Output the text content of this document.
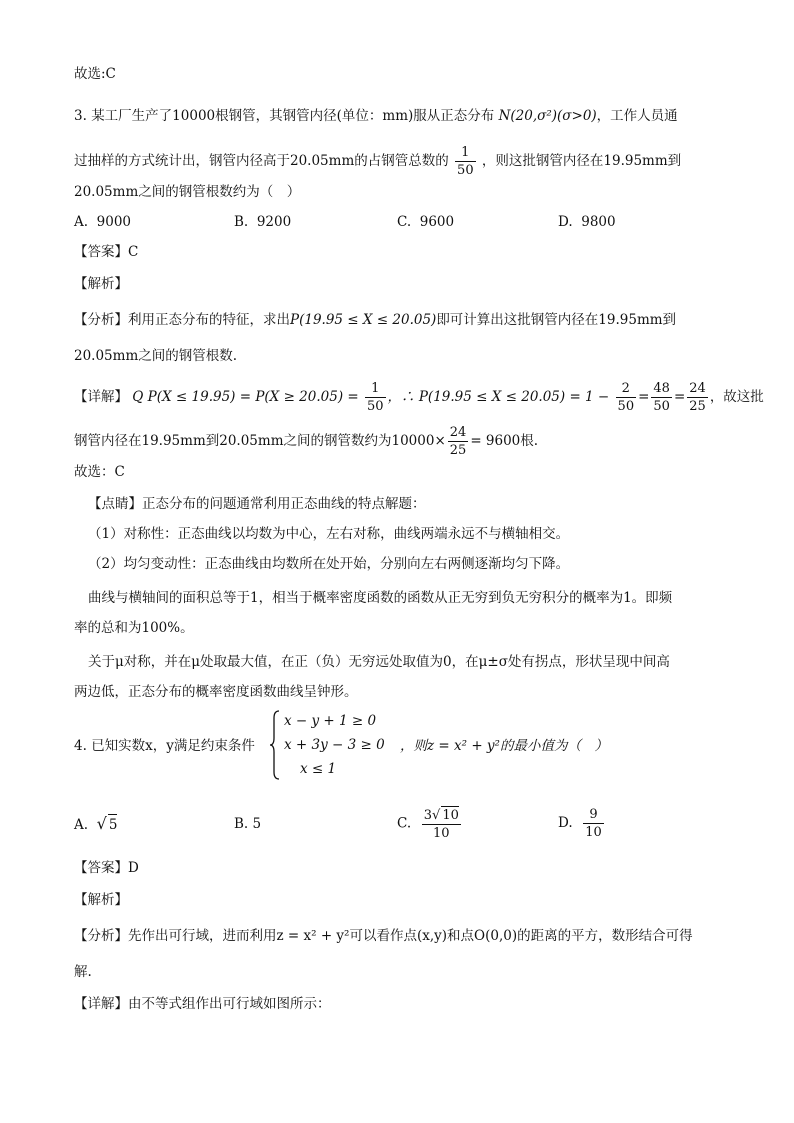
故选:C
3. 某工厂生产了10000根钢管，其钢管内径(单位：mm)服从正态分布 N(20,σ²)(σ>0)，工作人员通
过抽样的方式统计出，钢管内径高于20.05mm的占钢管总数的 $\frac{1}{50}$ ，则这批钢管内径在19.95mm到
20.05mm之间的钢管根数约为（　）
A. 9000	B. 9200	C. 9600	D. 9800
【答案】C
【解析】
【分析】利用正态分布的特征，求出P(19.95 ≤ X ≤ 20.05)即可计算出这批钢管内径在19.95mm到
20.05mm之间的钢管根数.
【详解】 Q $P(X \le 19.95) = P(X \ge 20.05) = \frac{1}{50}$ ，∴ $P(19.95 \le X \le 20.05) = 1 - \frac{2}{50} = \frac{48}{50} = \frac{24}{25}$ ，故这批
钢管内径在19.95mm到20.05mm之间的钢管数约为$10000\times \frac{24}{25} = 9600$根.
故选：C
【点睛】正态分布的问题通常利用正态曲线的特点解题：
（1）对称性：正态曲线以均数为中心，左右对称，曲线两端永远不与横轴相交。
（2）均匀变动性：正态曲线由均数所在处开始，分别向左右两侧逐渐均匀下降。
曲线与横轴间的面积总等于1，相当于概率密度函数的函数从正无穷到负无穷积分的概率为1。即频
率的总和为100%。
关于μ对称，并在μ处取最大值，在正（负）无穷远处取值为0，在μ±σ处有拐点，形状呈现中间高
两边低，正态分布的概率密度函数曲线呈钟形。
4. 已知实数x，y满足约束条件
x − y + 1 ≥ 0
x + 3y − 3 ≥ 0
x ≤ 1
，则z = x² + y²的最小值为（　）
A. √ 5	B. 5	C. $\frac{3√ 10}{10}$	D. $\frac{9}{10}$
【答案】D
【解析】
【分析】先作出可行域，进而利用z = x² + y²可以看作点(x,y)和点O(0,0)的距离的平方，数形结合可得
解.
【详解】由不等式组作出可行域如图所示：
